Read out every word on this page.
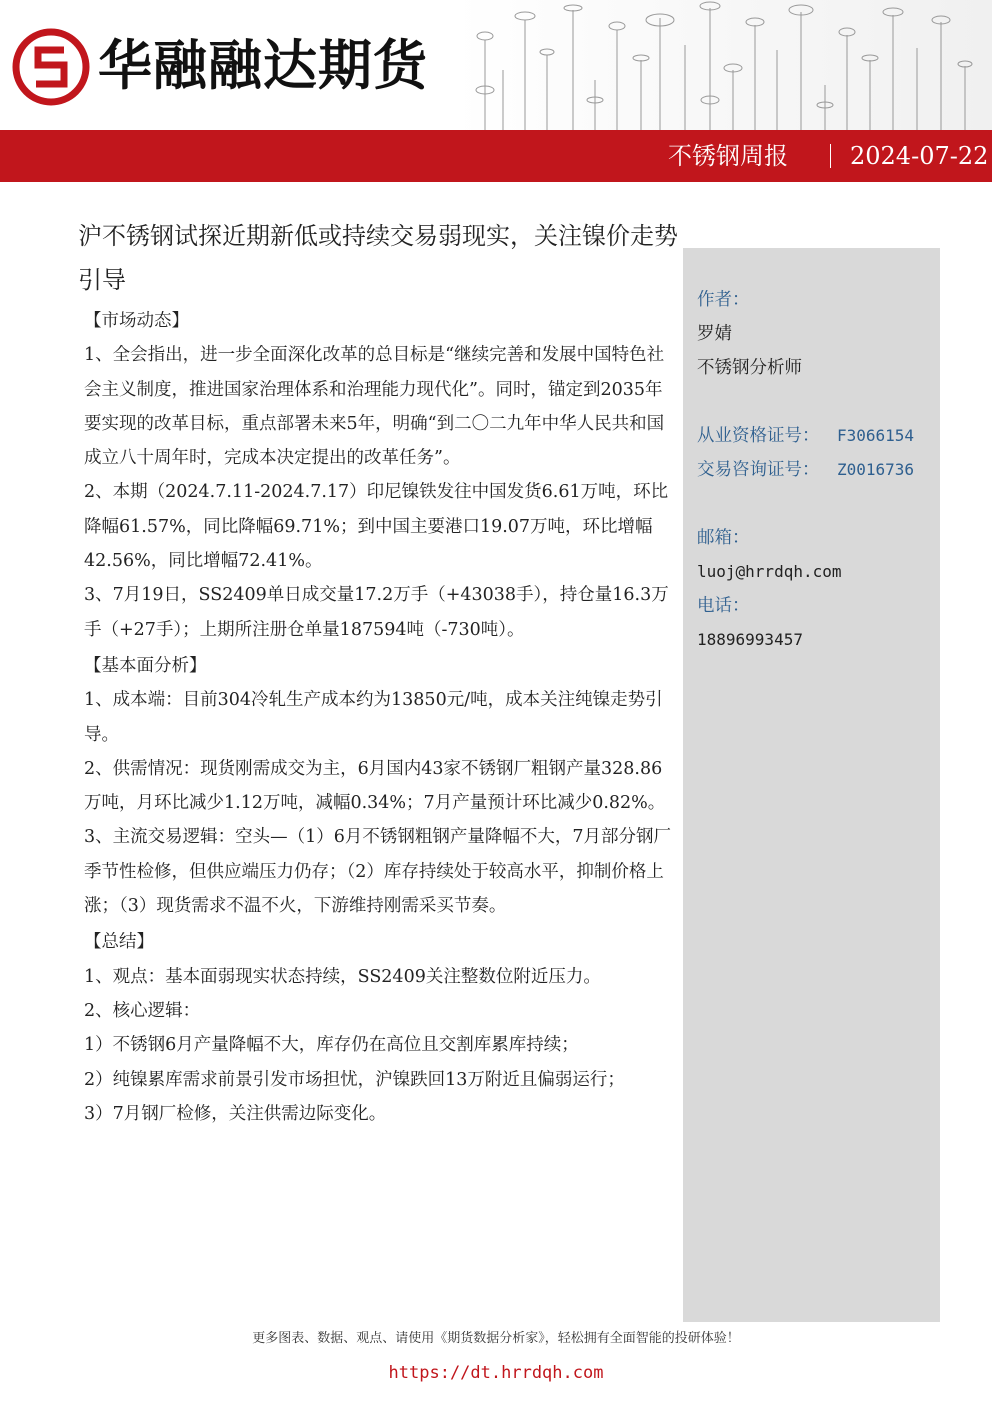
华融融达期货
不锈钢周报	2024-07-22
沪不锈钢试探近期新低或持续交易弱现实，关注镍价走势引导

【市场动态】

1、全会指出，进一步全面深化改革的总目标是“继续完善和发展中国特色社会主义制度，推进国家治理体系和治理能力现代化”。同时，锚定到2035年要实现的改革目标，重点部署未来5年，明确“到二〇二九年中华人民共和国成立八十周年时，完成本决定提出的改革任务”。

2、本期（2024.7.11-2024.7.17）印尼镍铁发往中国发货6.61万吨，环比降幅61.57%，同比降幅69.71%；到中国主要港口19.07万吨，环比增幅42.56%，同比增幅72.41%。

3、7月19日，SS2409单日成交量17.2万手（+43038手），持仓量16.3万手（+27手）；上期所注册仓单量187594吨（-730吨）。

【基本面分析】

1、成本端：目前304冷轧生产成本约为13850元/吨，成本关注纯镍走势引导。

2、供需情况：现货刚需成交为主，6月国内43家不锈钢厂粗钢产量328.86万吨，月环比减少1.12万吨，减幅0.34%；7月产量预计环比减少0.82%。

3、主流交易逻辑：空头—（1）6月不锈钢粗钢产量降幅不大，7月部分钢厂季节性检修，但供应端压力仍存；（2）库存持续处于较高水平，抑制价格上涨；（3）现货需求不温不火，下游维持刚需采买节奏。

【总结】

1、观点：基本面弱现实状态持续，SS2409关注整数位附近压力。

2、核心逻辑：

1）不锈钢6月产量降幅不大，库存仍在高位且交割库累库持续；

2）纯镍累库需求前景引发市场担忧，沪镍跌回13万附近且偏弱运行；

3）7月钢厂检修，关注供需边际变化。

作者：
罗婧
不锈钢分析师
从业资格证号： F3066154
交易咨询证号： Z0016736
邮箱：
luoj@hrrdqh.com
电话：
18896993457
更多图表、数据、观点、请使用《期货数据分析家》，轻松拥有全面智能的投研体验！
https://dt.hrrdqh.com
